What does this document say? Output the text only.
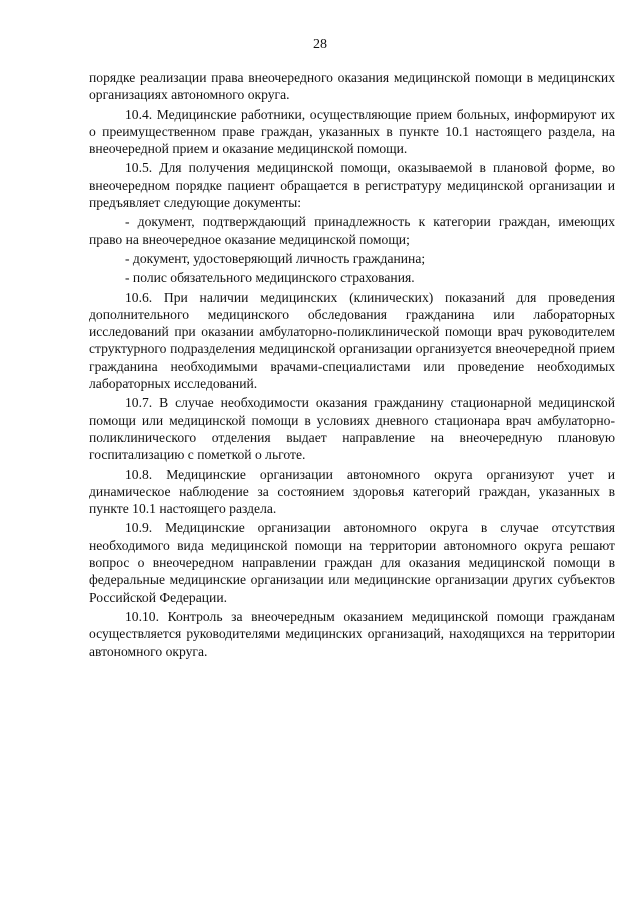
28

порядке реализации права внеочередного оказания медицинской помощи в медицинских организациях автономного округа.

10.4. Медицинские работники, осуществляющие прием больных, информируют их о преимущественном праве граждан, указанных в пункте 10.1 настоящего раздела, на внеочередной прием и оказание медицинской помощи.

10.5. Для получения медицинской помощи, оказываемой в плановой форме, во внеочередном порядке пациент обращается в регистратуру медицинской организации и предъявляет следующие документы:

- документ, подтверждающий принадлежность к категории граждан, имеющих право на внеочередное оказание медицинской помощи;

- документ, удостоверяющий личность гражданина;

- полис обязательного медицинского страхования.

10.6. При наличии медицинских (клинических) показаний для проведения дополнительного медицинского обследования гражданина или лабораторных исследований при оказании амбулаторно-поликлинической помощи врач руководителем структурного подразделения медицинской организации организуется внеочередной прием гражданина необходимыми врачами-специалистами или проведение необходимых лабораторных исследований.

10.7. В случае необходимости оказания гражданину стационарной медицинской помощи или медицинской помощи в условиях дневного стационара врач амбулаторно-поликлинического отделения выдает направление на внеочередную плановую госпитализацию с пометкой о льготе.

10.8. Медицинские организации автономного округа организуют учет и динамическое наблюдение за состоянием здоровья категорий граждан, указанных в пункте 10.1 настоящего раздела.

10.9. Медицинские организации автономного округа в случае отсутствия необходимого вида медицинской помощи на территории автономного округа решают вопрос о внеочередном направлении граждан для оказания медицинской помощи в федеральные медицинские организации или медицинские организации других субъектов Российской Федерации.

10.10. Контроль за внеочередным оказанием медицинской помощи гражданам осуществляется руководителями медицинских организаций, находящихся на территории автономного округа.
